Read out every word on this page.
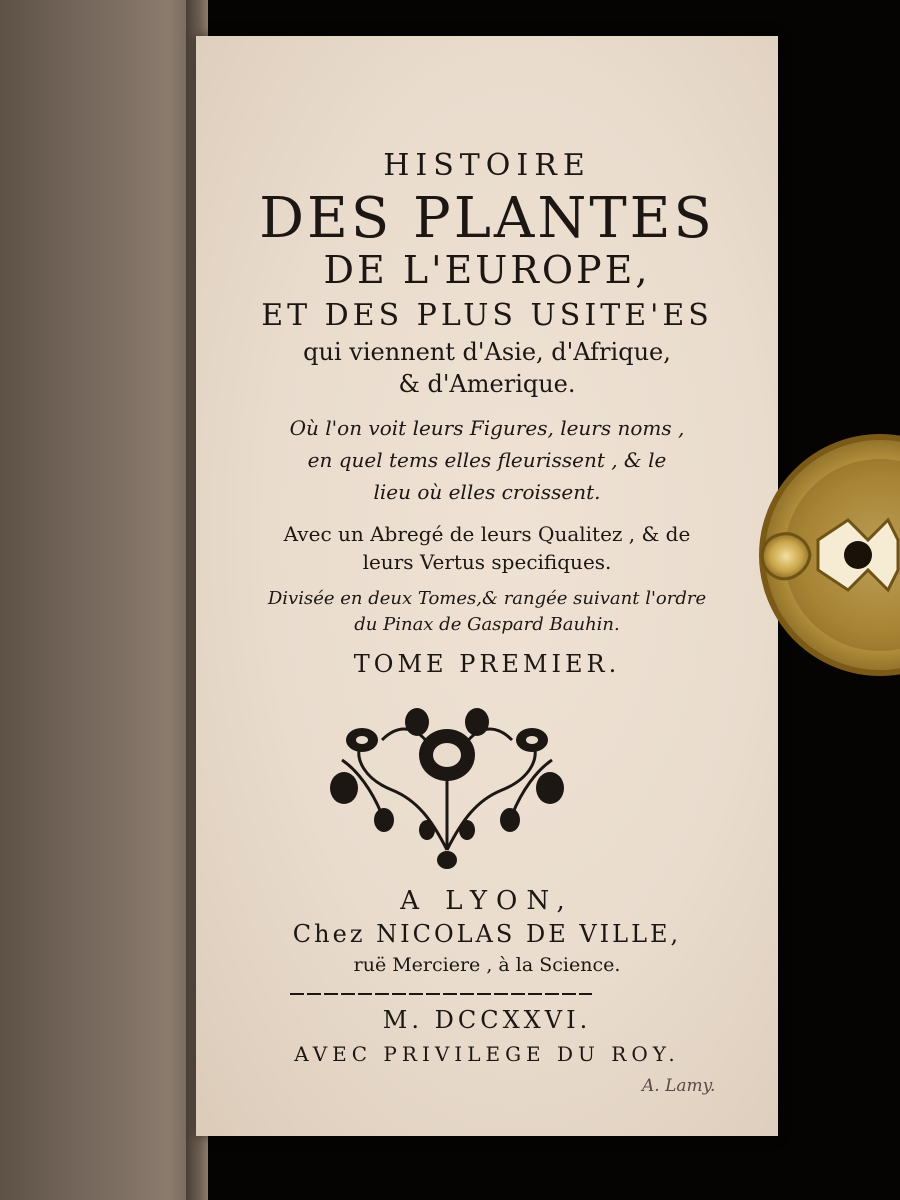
HISTOIRE
DES PLANTES
DE L'EUROPE,
ET DES PLUS USITE'ES
qui viennent d'Asie, d'Afrique,
& d'Amerique.
Où l'on voit leurs Figures, leurs noms ,
en quel tems elles fleurissent , & le
lieu où elles croissent.
Avec un Abregé de leurs Qualitez , & de
leurs Vertus specifiques.
Divisée en deux Tomes,& rangée suivant l'ordre
du Pinax de Gaspard Bauhin.
TOME PREMIER.
A LYON,
Chez NICOLAS DE VILLE,
ruë Merciere , à la Science.
M. DCCXXVI.
AVEC PRIVILEGE DU ROY.
A. Lamy.
